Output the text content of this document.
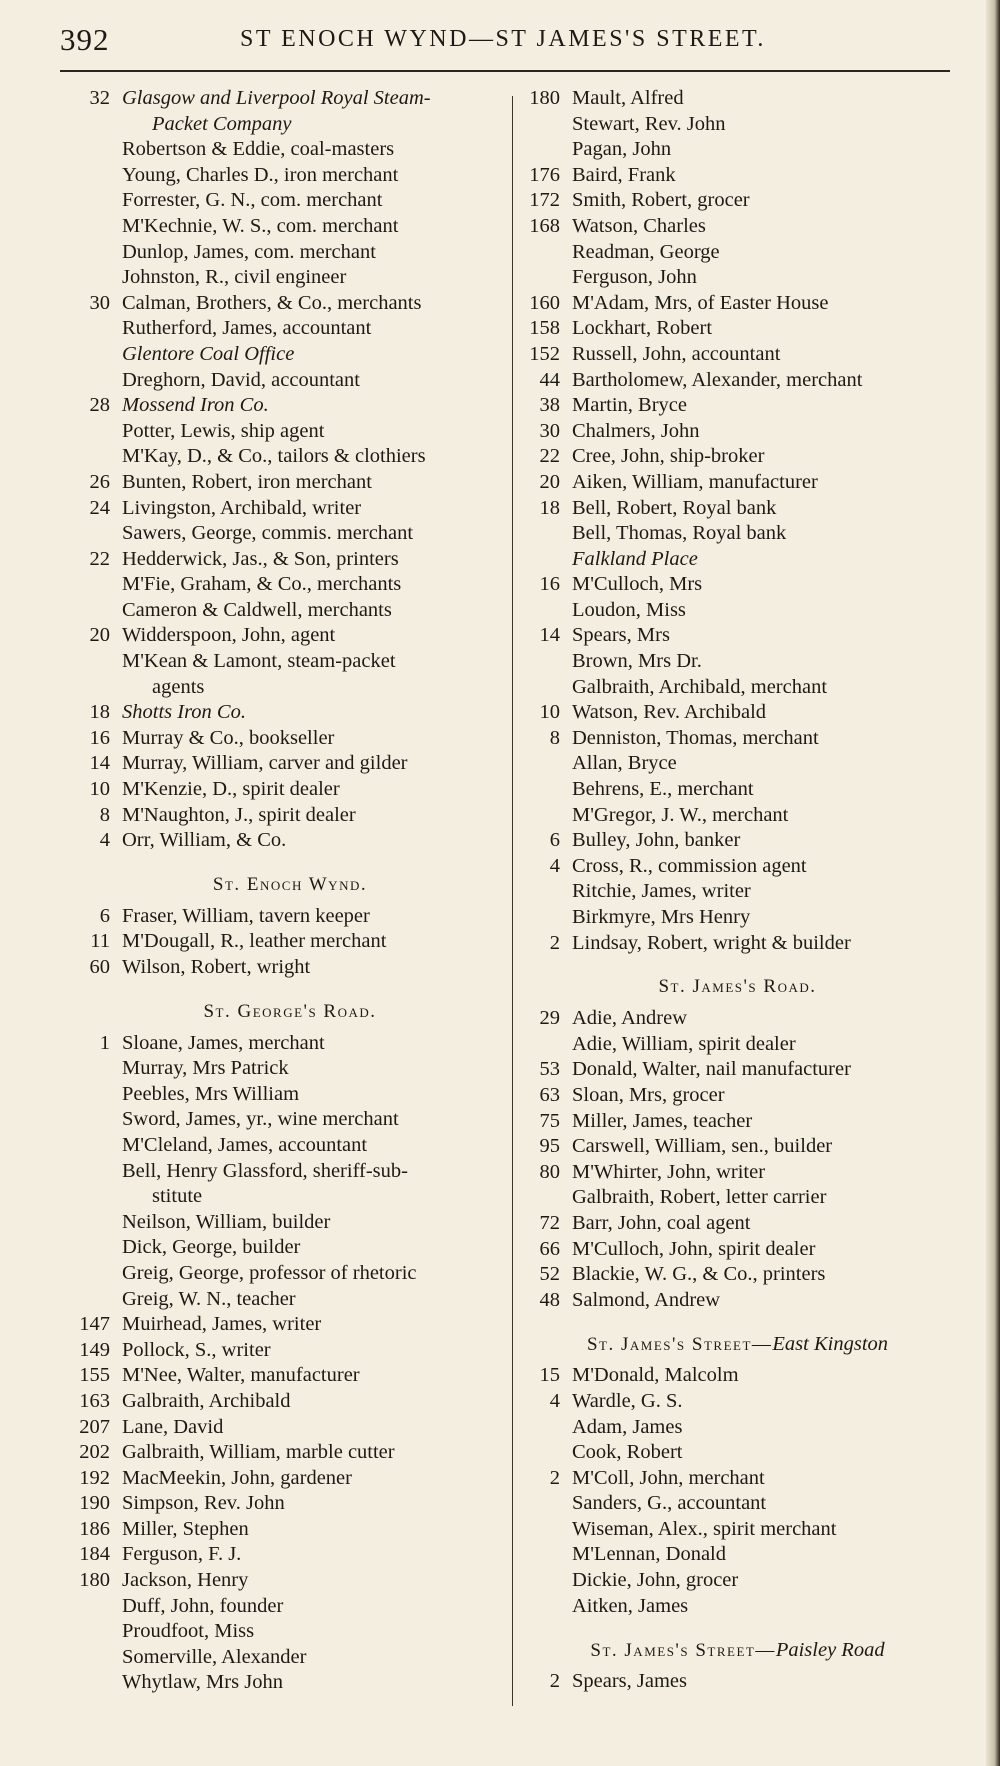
392	ST ENOCH WYND—ST JAMES'S STREET.
32 Glasgow and Liverpool Royal Steam-
Packet Company
Robertson & Eddie, coal-masters
Young, Charles D., iron merchant
Forrester, G. N., com. merchant
M'Kechnie, W. S., com. merchant
Dunlop, James, com. merchant
Johnston, R., civil engineer
30 Calman, Brothers, & Co., merchants
Rutherford, James, accountant
Glentore Coal Office
Dreghorn, David, accountant
28 Mossend Iron Co.
Potter, Lewis, ship agent
M'Kay, D., & Co., tailors & clothiers
26 Bunten, Robert, iron merchant
24 Livingston, Archibald, writer
Sawers, George, commis. merchant
22 Hedderwick, Jas., & Son, printers
M'Fie, Graham, & Co., merchants
Cameron & Caldwell, merchants
20 Widderspoon, John, agent
M'Kean & Lamont, steam-packet
agents
18 Shotts Iron Co.
16 Murray & Co., bookseller
14 Murray, William, carver and gilder
10 M'Kenzie, D., spirit dealer
8 M'Naughton, J., spirit dealer
4 Orr, William, & Co.
St. Enoch Wynd.
6 Fraser, William, tavern keeper
11 M'Dougall, R., leather merchant
60 Wilson, Robert, wright
St. George's Road.
1 Sloane, James, merchant
Murray, Mrs Patrick
Peebles, Mrs William
Sword, James, yr., wine merchant
M'Cleland, James, accountant
Bell, Henry Glassford, sheriff-sub-
stitute
Neilson, William, builder
Dick, George, builder
Greig, George, professor of rhetoric
Greig, W. N., teacher
147 Muirhead, James, writer
149 Pollock, S., writer
155 M'Nee, Walter, manufacturer
163 Galbraith, Archibald
207 Lane, David
202 Galbraith, William, marble cutter
192 MacMeekin, John, gardener
190 Simpson, Rev. John
186 Miller, Stephen
184 Ferguson, F. J.
180 Jackson, Henry
Duff, John, founder
Proudfoot, Miss
Somerville, Alexander
Whytlaw, Mrs John
180 Mault, Alfred
Stewart, Rev. John
Pagan, John
176 Baird, Frank
172 Smith, Robert, grocer
168 Watson, Charles
Readman, George
Ferguson, John
160 M'Adam, Mrs, of Easter House
158 Lockhart, Robert
152 Russell, John, accountant
44 Bartholomew, Alexander, merchant
38 Martin, Bryce
30 Chalmers, John
22 Cree, John, ship-broker
20 Aiken, William, manufacturer
18 Bell, Robert, Royal bank
Bell, Thomas, Royal bank
Falkland Place
16 M'Culloch, Mrs
Loudon, Miss
14 Spears, Mrs
Brown, Mrs Dr.
Galbraith, Archibald, merchant
10 Watson, Rev. Archibald
8 Denniston, Thomas, merchant
Allan, Bryce
Behrens, E., merchant
M'Gregor, J. W., merchant
6 Bulley, John, banker
4 Cross, R., commission agent
Ritchie, James, writer
Birkmyre, Mrs Henry
2 Lindsay, Robert, wright & builder
St. James's Road.
29 Adie, Andrew
Adie, William, spirit dealer
53 Donald, Walter, nail manufacturer
63 Sloan, Mrs, grocer
75 Miller, James, teacher
95 Carswell, William, sen., builder
80 M'Whirter, John, writer
Galbraith, Robert, letter carrier
72 Barr, John, coal agent
66 M'Culloch, John, spirit dealer
52 Blackie, W. G., & Co., printers
48 Salmond, Andrew
St. James's Street—East Kingston
15 M'Donald, Malcolm
4 Wardle, G. S.
Adam, James
Cook, Robert
2 M'Coll, John, merchant
Sanders, G., accountant
Wiseman, Alex., spirit merchant
M'Lennan, Donald
Dickie, John, grocer
Aitken, James
St. James's Street—Paisley Road
2 Spears, James
